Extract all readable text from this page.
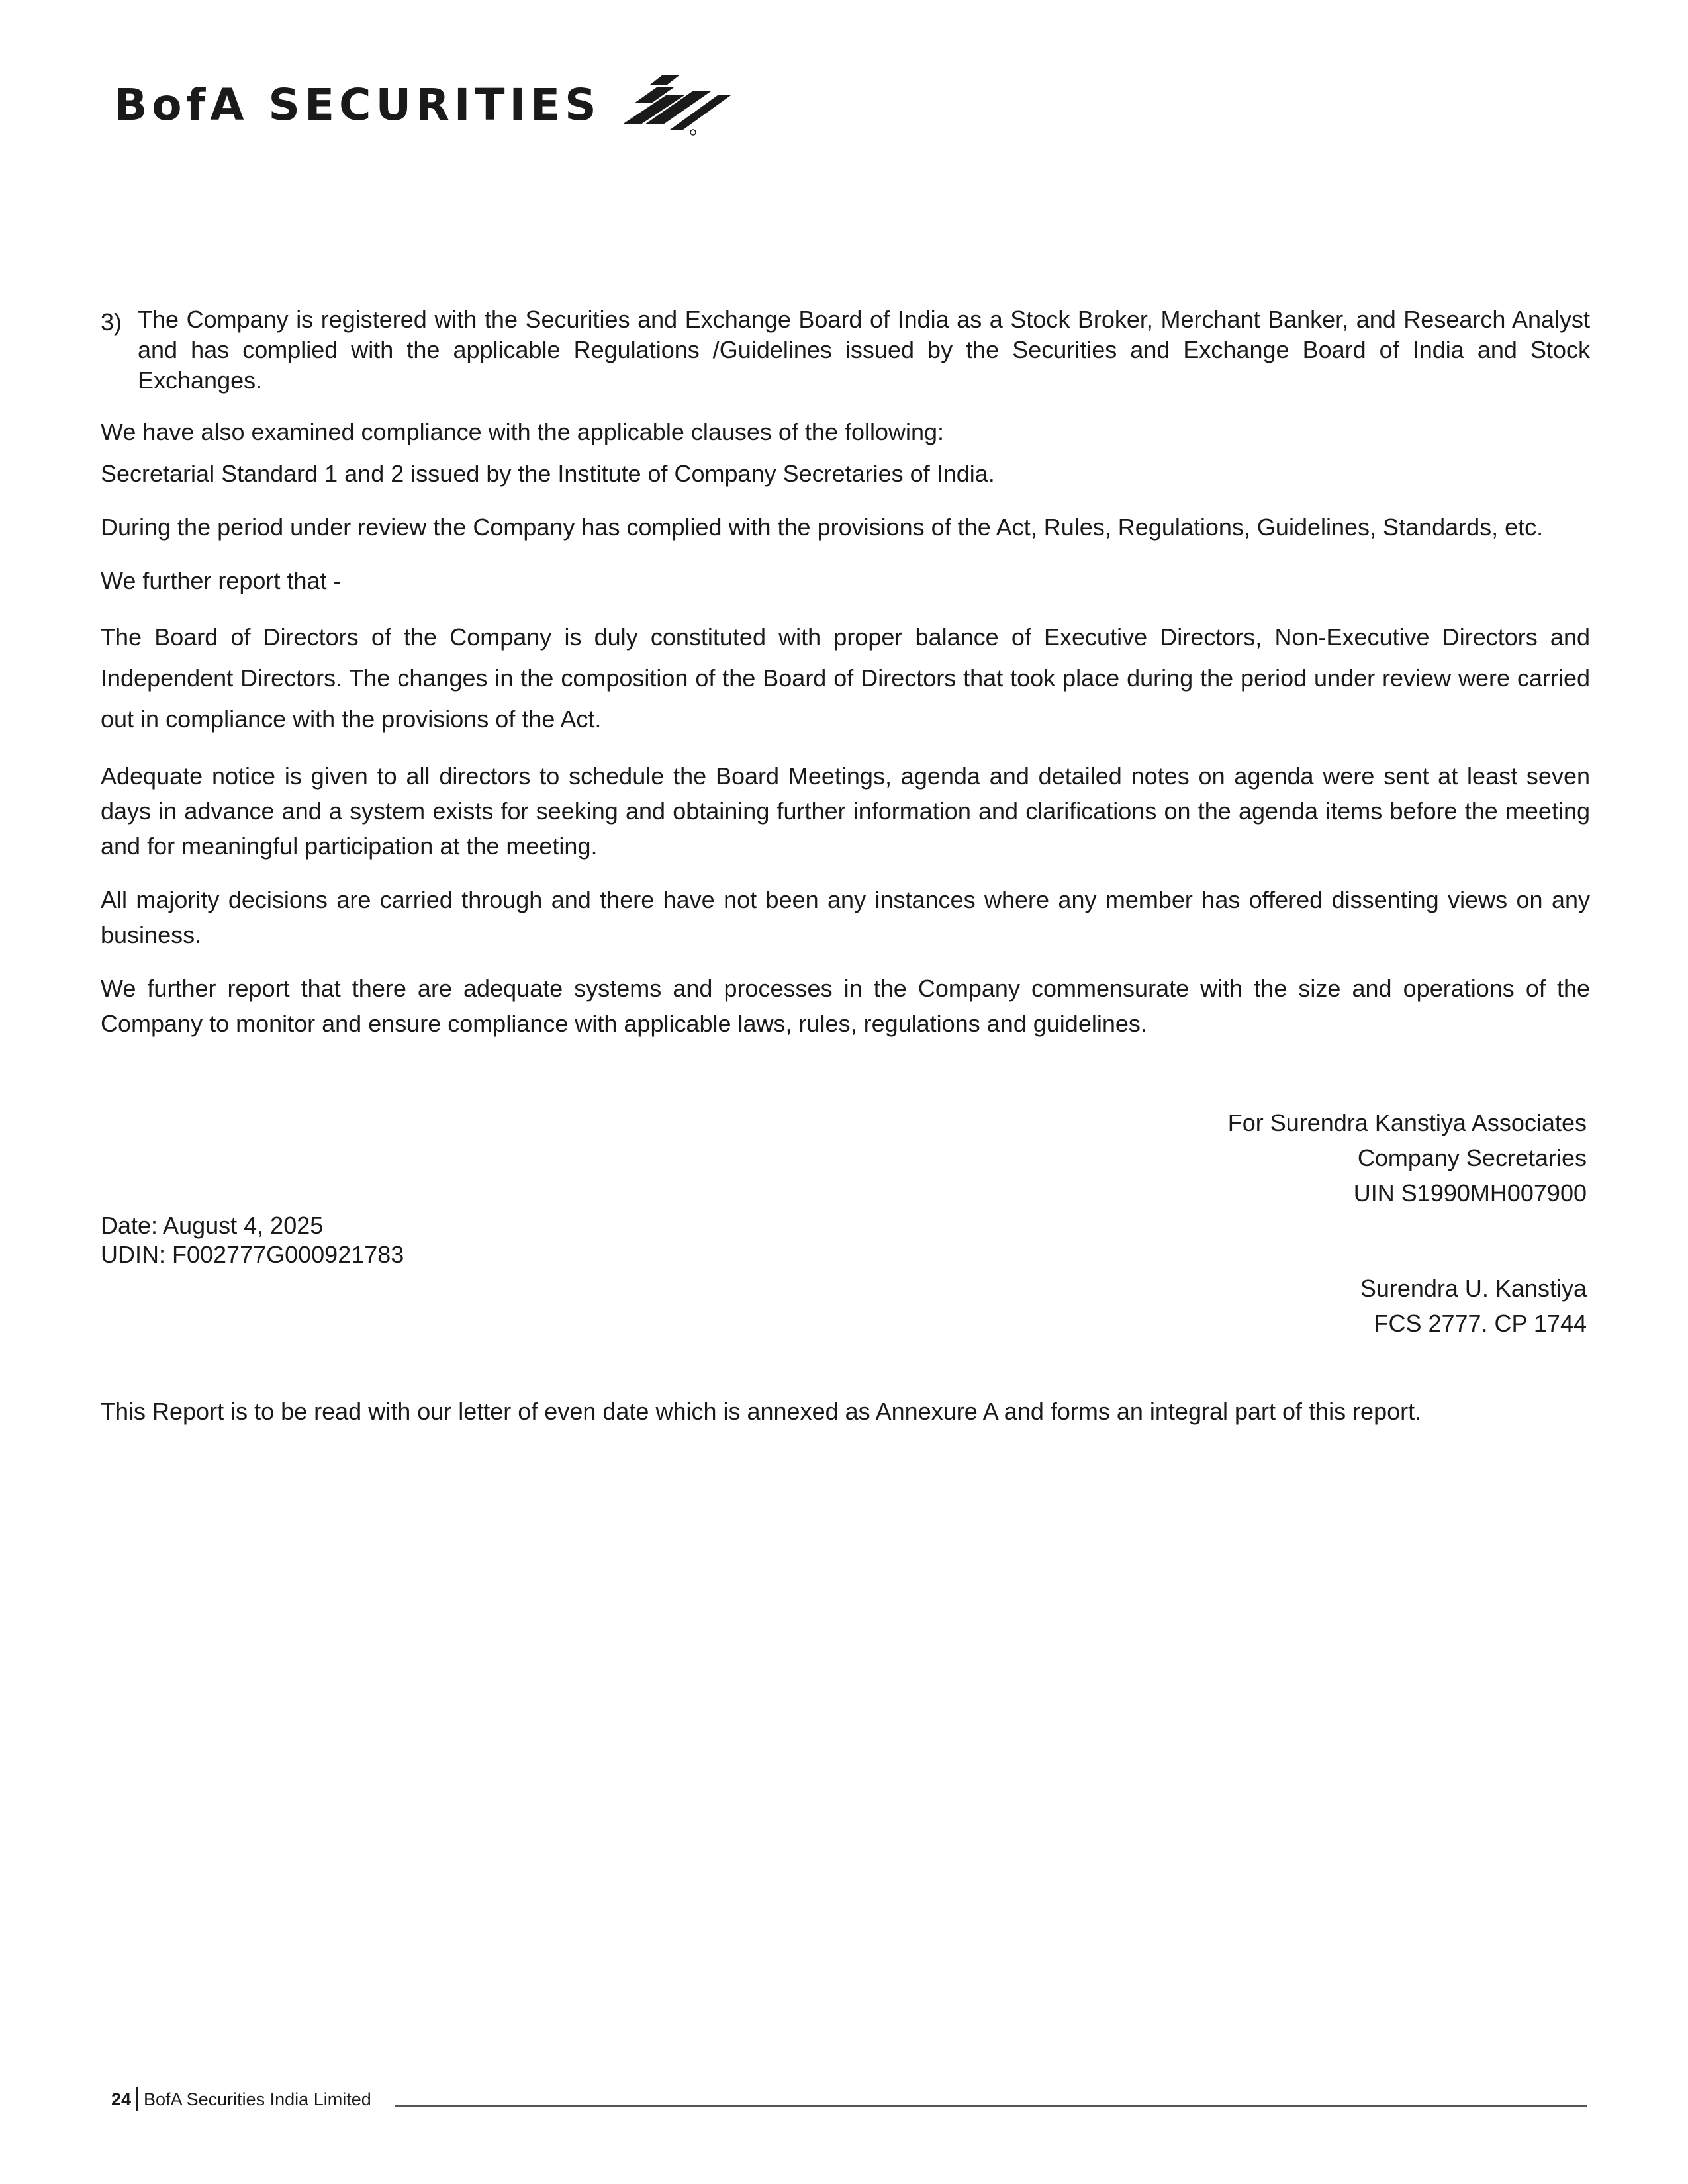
BofA SECURITIES
3) The Company is registered with the Securities and Exchange Board of India as a Stock Broker, Merchant Banker, and Research Analyst and has complied with the applicable Regulations /Guidelines issued by the Securities and Exchange Board of India and Stock Exchanges.

We have also examined compliance with the applicable clauses of the following:

Secretarial Standard 1 and 2 issued by the Institute of Company Secretaries of India.

During the period under review the Company has complied with the provisions of the Act, Rules, Regulations, Guidelines, Standards, etc.

We further report that -

The Board of Directors of the Company is duly constituted with proper balance of Executive Directors, Non-Executive Directors and Independent Directors. The changes in the composition of the Board of Directors that took place during the period under review were carried out in compliance with the provisions of the Act.

Adequate notice is given to all directors to schedule the Board Meetings, agenda and detailed notes on agenda were sent at least seven days in advance and a system exists for seeking and obtaining further information and clarifications on the agenda items before the meeting and for meaningful participation at the meeting.

All majority decisions are carried through and there have not been any instances where any member has offered dissenting views on any business.

We further report that there are adequate systems and processes in the Company commensurate with the size and operations of the Company to monitor and ensure compliance with applicable laws, rules, regulations and guidelines.

For Surendra Kanstiya Associates
Company Secretaries
UIN S1990MH007900
Date: August 4, 2025
UDIN: F002777G000921783
Surendra U. Kanstiya
FCS 2777. CP 1744
This Report is to be read with our letter of even date which is annexed as Annexure A and forms an integral part of this report.
24 BofA Securities India Limited
